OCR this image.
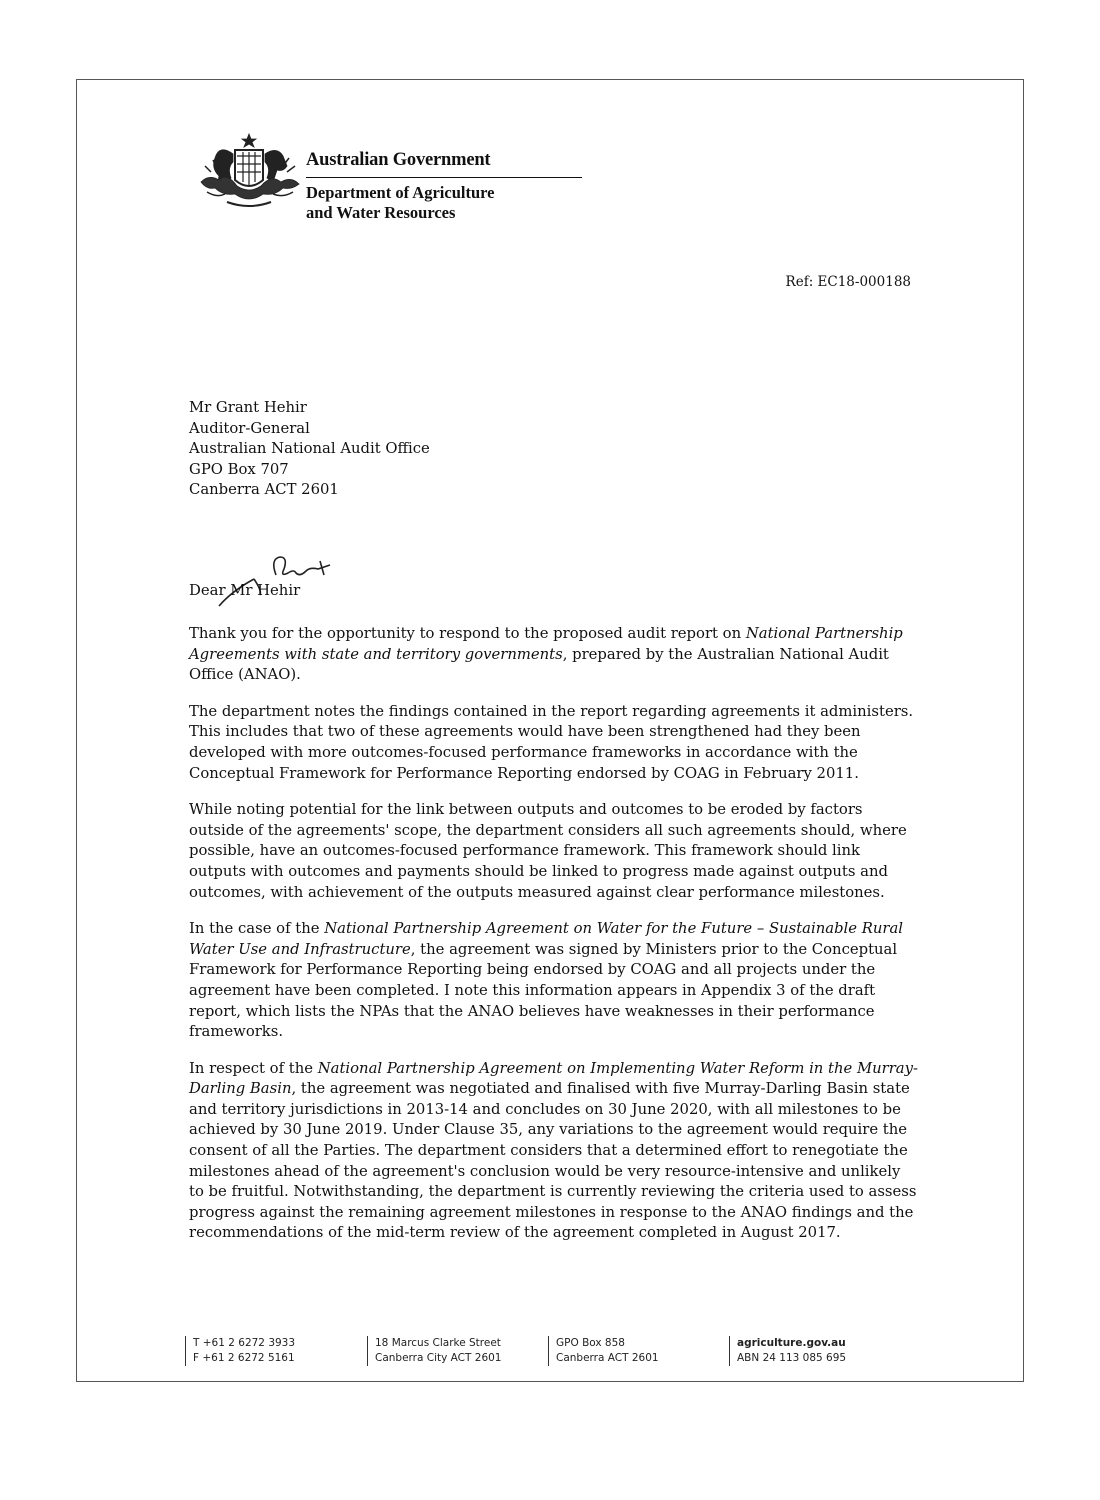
Australian Government
Department of Agriculture
and Water Resources
Ref: EC18-000188
Mr Grant Hehir
Auditor-General
Australian National Audit Office
GPO Box 707
Canberra ACT 2601
Dear Mr Hehir

Thank you for the opportunity to respond to the proposed audit report on National Partnership Agreements with state and territory governments, prepared by the Australian National Audit Office (ANAO).

The department notes the findings contained in the report regarding agreements it administers. This includes that two of these agreements would have been strengthened had they been developed with more outcomes-focused performance frameworks in accordance with the Conceptual Framework for Performance Reporting endorsed by COAG in February 2011.

While noting potential for the link between outputs and outcomes to be eroded by factors outside of the agreements' scope, the department considers all such agreements should, where possible, have an outcomes-focused performance framework. This framework should link outputs with outcomes and payments should be linked to progress made against outputs and outcomes, with achievement of the outputs measured against clear performance milestones.

In the case of the National Partnership Agreement on Water for the Future – Sustainable Rural Water Use and Infrastructure, the agreement was signed by Ministers prior to the Conceptual Framework for Performance Reporting being endorsed by COAG and all projects under the agreement have been completed. I note this information appears in Appendix 3 of the draft report, which lists the NPAs that the ANAO believes have weaknesses in their performance frameworks.

In respect of the National Partnership Agreement on Implementing Water Reform in the Murray-Darling Basin, the agreement was negotiated and finalised with five Murray-Darling Basin state and territory jurisdictions in 2013-14 and concludes on 30 June 2020, with all milestones to be achieved by 30 June 2019. Under Clause 35, any variations to the agreement would require the consent of all the Parties. The department considers that a determined effort to renegotiate the milestones ahead of the agreement's conclusion would be very resource-intensive and unlikely to be fruitful. Notwithstanding, the department is currently reviewing the criteria used to assess progress against the remaining agreement milestones in response to the ANAO findings and the recommendations of the mid-term review of the agreement completed in August 2017.

T +61 2 6272 3933
F +61 2 6272 5161
18 Marcus Clarke Street
Canberra City ACT 2601
GPO Box 858
Canberra ACT 2601
agriculture.gov.au
ABN 24 113 085 695
